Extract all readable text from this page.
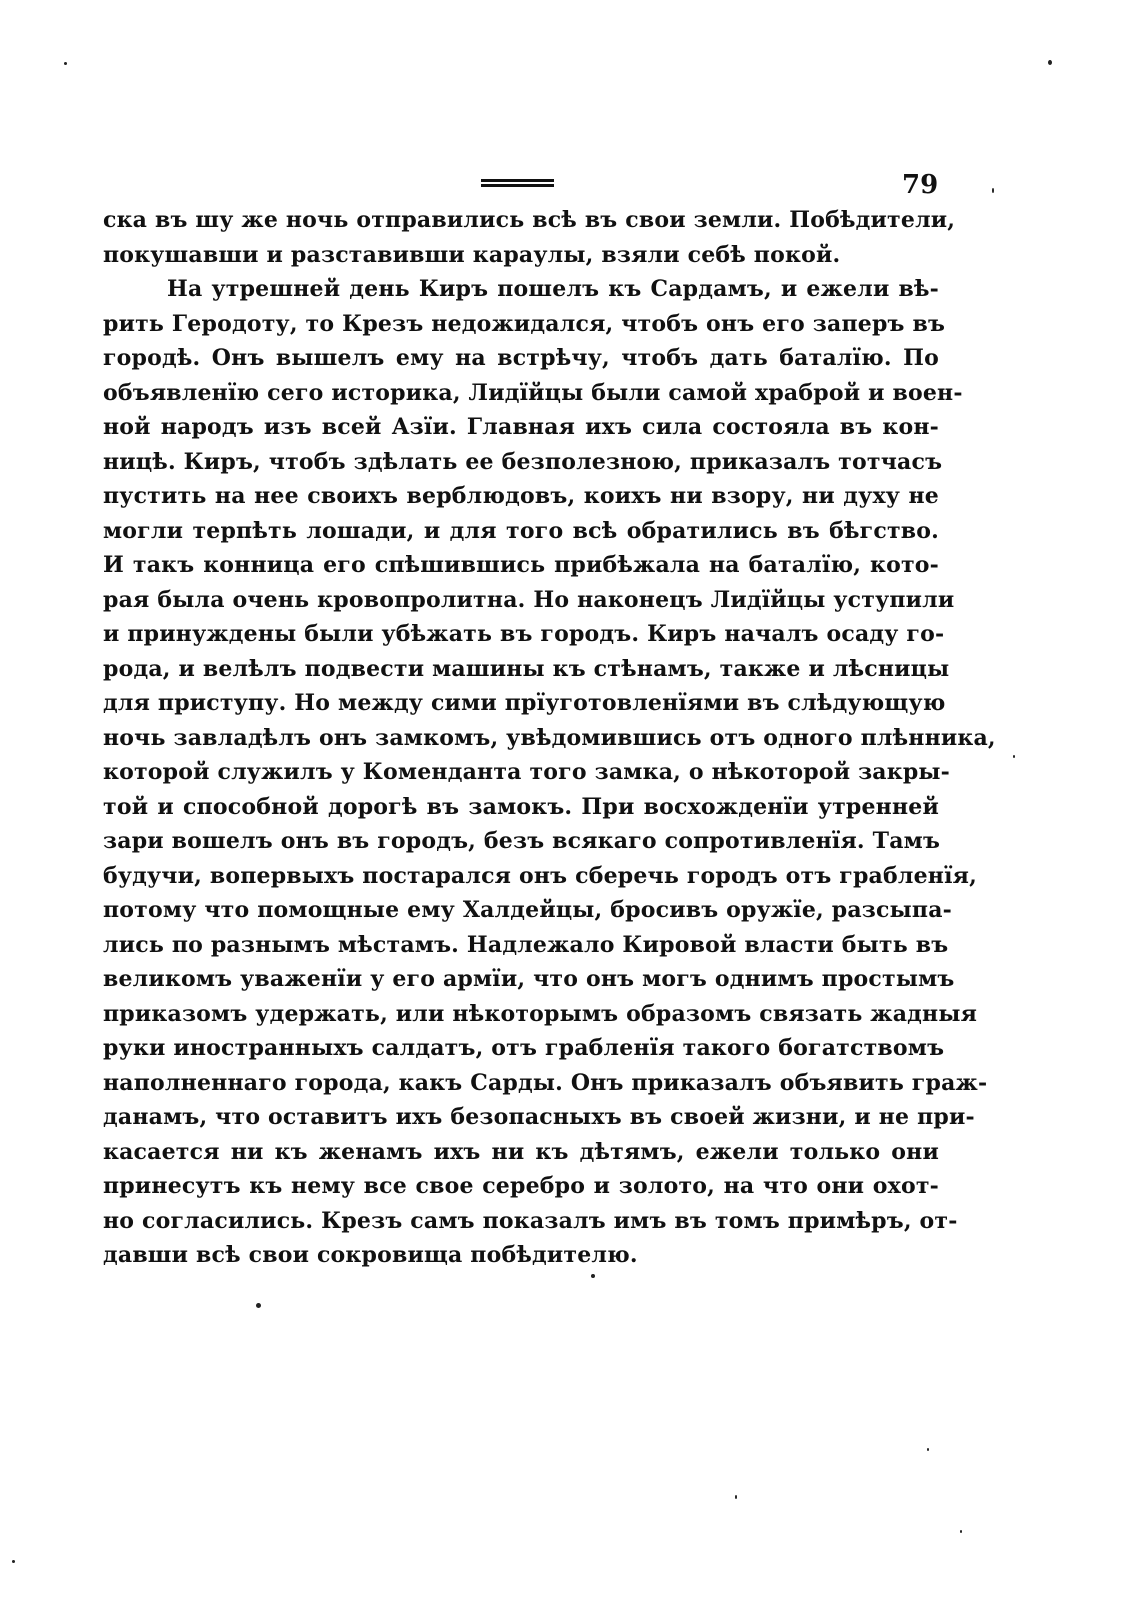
79
ска въ шу же ночь отправились всѣ въ свои земли. Побѣдители,
покушавши и разставивши караулы, взяли себѣ покой.
На утрешней день Киръ пошелъ къ Сардамъ, и ежели вѣ-
рить Геродоту, то Крезъ недожидался, чтобъ онъ его заперъ въ
городѣ. Онъ вышелъ ему на встрѣчу, чтобъ дать баталїю. По
объявленїю сего историка, Лидїйцы были самой храброй и воен-
ной народъ изъ всей Азїи. Главная ихъ сила состояла въ кон-
ницѣ. Киръ, чтобъ здѣлать ее безполезною, приказалъ тотчасъ
пустить на нее своихъ верблюдовъ, коихъ ни взору, ни духу не
могли терпѣть лошади, и для того всѣ обратились въ бѣгство.
И такъ конница его спѣшившись прибѣжала на баталїю, кото-
рая была очень кровопролитна. Но наконецъ Лидїйцы уступили
и принуждены были убѣжать въ городъ. Киръ началъ осаду го-
рода, и велѣлъ подвести машины къ стѣнамъ, также и лѣсницы
для приступу. Но между сими прїуготовленїями въ слѣдующую
ночь завладѣлъ онъ замкомъ, увѣдомившись отъ одного плѣнника,
которой служилъ у Коменданта того замка, о нѣкоторой закры-
той и способной дорогѣ въ замокъ. При восхожденїи утренней
зари вошелъ онъ въ городъ, безъ всякаго сопротивленїя. Тамъ
будучи, вопервыхъ постарался онъ сберечь городъ отъ грабленїя,
потому что помощные ему Халдейцы, бросивъ оружїе, разсыпа-
лись по разнымъ мѣстамъ. Надлежало Кировой власти быть въ
великомъ уваженїи у его армїи, что онъ могъ однимъ простымъ
приказомъ удержать, или нѣкоторымъ образомъ связать жадныя
руки иностранныхъ салдатъ, отъ грабленїя такого богатствомъ
наполненнаго города, какъ Сарды. Онъ приказалъ объявить граж-
данамъ, что оставитъ ихъ безопасныхъ въ своей жизни, и не при-
касается ни къ женамъ ихъ ни къ дѣтямъ, ежели только они
принесутъ къ нему все свое серебро и золото, на что они охот-
но согласились. Крезъ самъ показалъ имъ въ томъ примѣръ, от-
давши всѣ свои сокровища побѣдителю.
